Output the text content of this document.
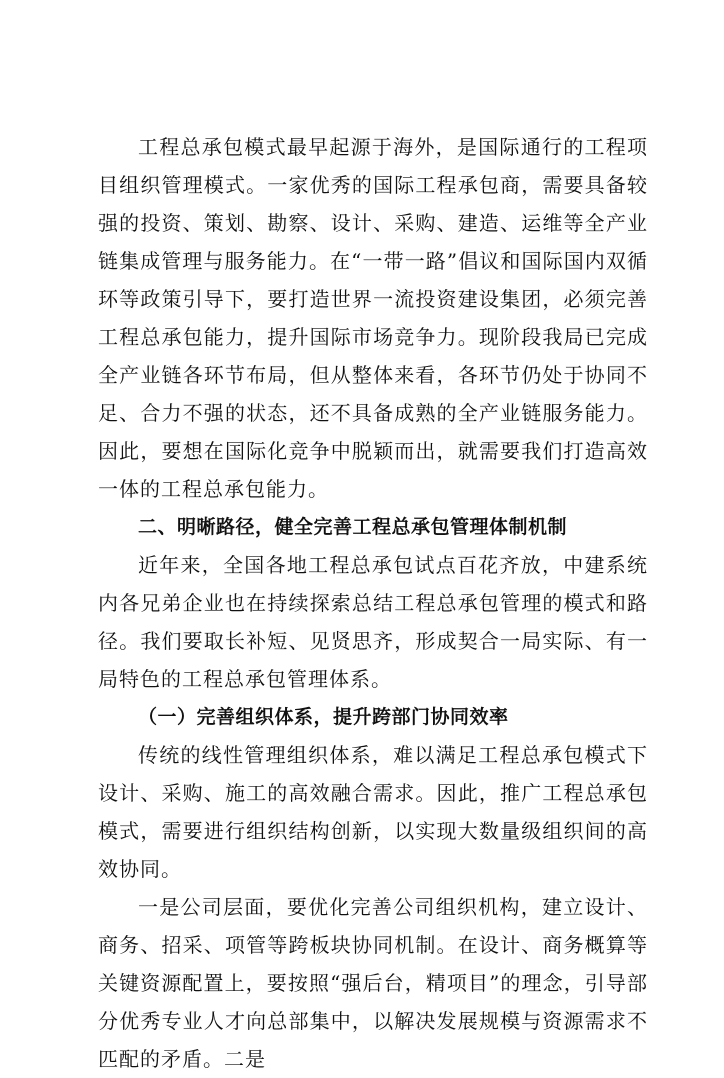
工程总承包模式最早起源于海外，是国际通行的工程项目组织管理模式。一家优秀的国际工程承包商，需要具备较强的投资、策划、勘察、设计、采购、建造、运维等全产业链集成管理与服务能力。在“一带一路”倡议和国际国内双循环等政策引导下，要打造世界一流投资建设集团，必须完善工程总承包能力，提升国际市场竞争力。现阶段我局已完成全产业链各环节布局，但从整体来看，各环节仍处于协同不足、合力不强的状态，还不具备成熟的全产业链服务能力。因此，要想在国际化竞争中脱颖而出，就需要我们打造高效一体的工程总承包能力。

二、明晰路径，健全完善工程总承包管理体制机制

近年来，全国各地工程总承包试点百花齐放，中建系统内各兄弟企业也在持续探索总结工程总承包管理的模式和路径。我们要取长补短、见贤思齐，形成契合一局实际、有一局特色的工程总承包管理体系。

（一）完善组织体系，提升跨部门协同效率

传统的线性管理组织体系，难以满足工程总承包模式下设计、采购、施工的高效融合需求。因此，推广工程总承包模式，需要进行组织结构创新，以实现大数量级组织间的高效协同。

一是公司层面，要优化完善公司组织机构，建立设计、商务、招采、项管等跨板块协同机制。在设计、商务概算等关键资源配置上，要按照“强后台，精项目”的理念，引导部分优秀专业人才向总部集中，以解决发展规模与资源需求不匹配的矛盾。二是
